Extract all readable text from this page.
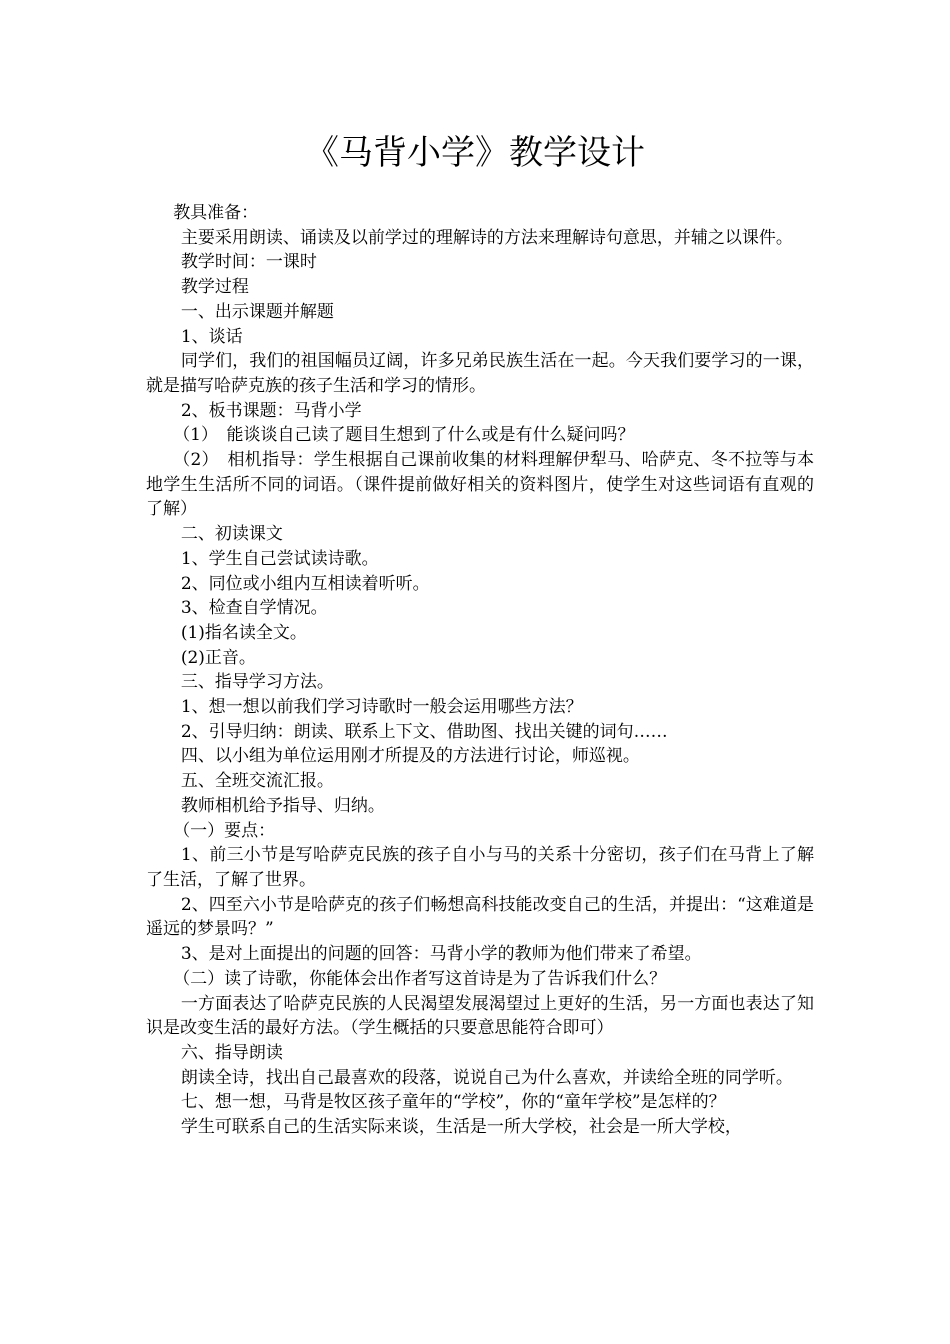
《马背小学》教学设计

教具准备：

主要采用朗读、诵读及以前学过的理解诗的方法来理解诗句意思，并辅之以课件。

教学时间：一课时

教学过程

一、出示课题并解题

1、谈话

同学们，我们的祖国幅员辽阔，许多兄弟民族生活在一起。今天我们要学习的一课，就是描写哈萨克族的孩子生活和学习的情形。

2、板书课题：马背小学

（1）　能谈谈自己读了题目生想到了什么或是有什么疑问吗？

（2）　相机指导：学生根据自己课前收集的材料理解伊犁马、哈萨克、冬不拉等与本地学生生活所不同的词语。（课件提前做好相关的资料图片，使学生对这些词语有直观的了解）

二、初读课文

1、学生自己尝试读诗歌。

2、同位或小组内互相读着听听。

3、检查自学情况。

(1)指名读全文。

(2)正音。

三、指导学习方法。

1、想一想以前我们学习诗歌时一般会运用哪些方法？

2、引导归纳：朗读、联系上下文、借助图、找出关键的词句……

四、以小组为单位运用刚才所提及的方法进行讨论，师巡视。

五、全班交流汇报。

教师相机给予指导、归纳。

（一）要点：

1、前三小节是写哈萨克民族的孩子自小与马的关系十分密切，孩子们在马背上了解了生活，了解了世界。

2、四至六小节是哈萨克的孩子们畅想高科技能改变自己的生活，并提出：“这难道是遥远的梦景吗？”

3、是对上面提出的问题的回答：马背小学的教师为他们带来了希望。

（二）读了诗歌，你能体会出作者写这首诗是为了告诉我们什么？

一方面表达了哈萨克民族的人民渴望发展渴望过上更好的生活，另一方面也表达了知识是改变生活的最好方法。（学生概括的只要意思能符合即可）

六、指导朗读

朗读全诗，找出自己最喜欢的段落，说说自己为什么喜欢，并读给全班的同学听。

七、想一想，马背是牧区孩子童年的“学校”，你的“童年学校”是怎样的？

学生可联系自己的生活实际来谈，生活是一所大学校，社会是一所大学校，
